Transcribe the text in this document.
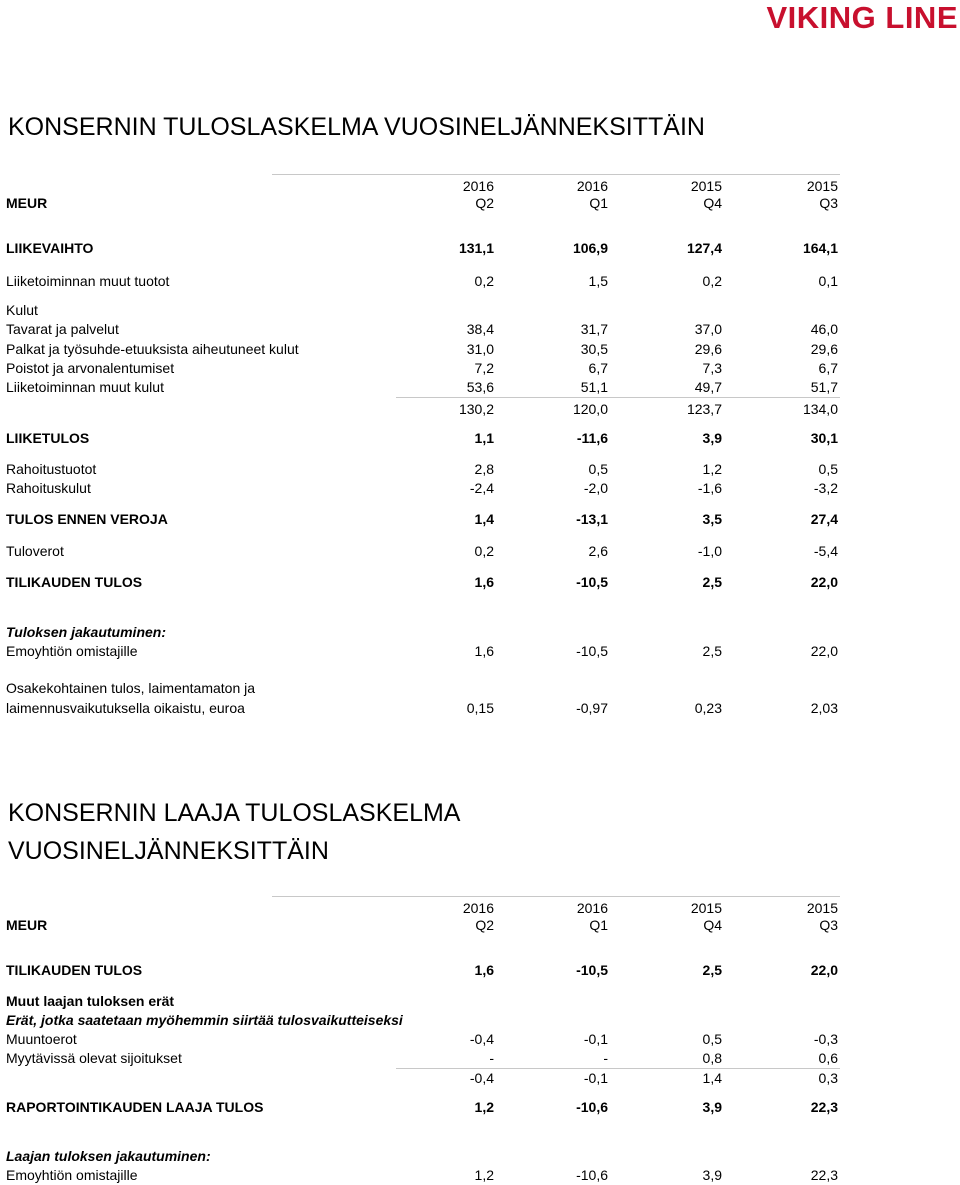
VIKING LINE
KONSERNIN TULOSLASKELMA VUOSINELJÄNNEKSITTÄIN
2016	2016	2015	2015
MEUR	Q2	Q1	Q4	Q3
LIIKEVAIHTO	131,1	106,9	127,4	164,1
Liiketoiminnan muut tuotot	0,2	1,5	0,2	0,1
Kulut
Tavarat ja palvelut	38,4	31,7	37,0	46,0
Palkat ja työsuhde-etuuksista aiheutuneet kulut	31,0	30,5	29,6	29,6
Poistot ja arvonalentumiset	7,2	6,7	7,3	6,7
Liiketoiminnan muut kulut	53,6	51,1	49,7	51,7
130,2	120,0	123,7	134,0
LIIKETULOS	1,1	-11,6	3,9	30,1
Rahoitustuotot	2,8	0,5	1,2	0,5
Rahoituskulut	-2,4	-2,0	-1,6	-3,2
TULOS ENNEN VEROJA	1,4	-13,1	3,5	27,4
Tuloverot	0,2	2,6	-1,0	-5,4
TILIKAUDEN TULOS	1,6	-10,5	2,5	22,0
Tuloksen jakautuminen:
Emoyhtiön omistajille	1,6	-10,5	2,5	22,0
Osakekohtainen tulos, laimentamaton ja
laimennusvaikutuksella oikaistu, euroa	0,15	-0,97	0,23	2,03
KONSERNIN LAAJA TULOSLASKELMA
VUOSINELJÄNNEKSITTÄIN
2016	2016	2015	2015
MEUR	Q2	Q1	Q4	Q3
TILIKAUDEN TULOS	1,6	-10,5	2,5	22,0
Muut laajan tuloksen erät
Erät, jotka saatetaan myöhemmin siirtää tulosvaikutteiseksi
Muuntoerot	-0,4	-0,1	0,5	-0,3
Myytävissä olevat sijoitukset	-	-	0,8	0,6
-0,4	-0,1	1,4	0,3
RAPORTOINTIKAUDEN LAAJA TULOS	1,2	-10,6	3,9	22,3
Laajan tuloksen jakautuminen:
Emoyhtiön omistajille	1,2	-10,6	3,9	22,3
